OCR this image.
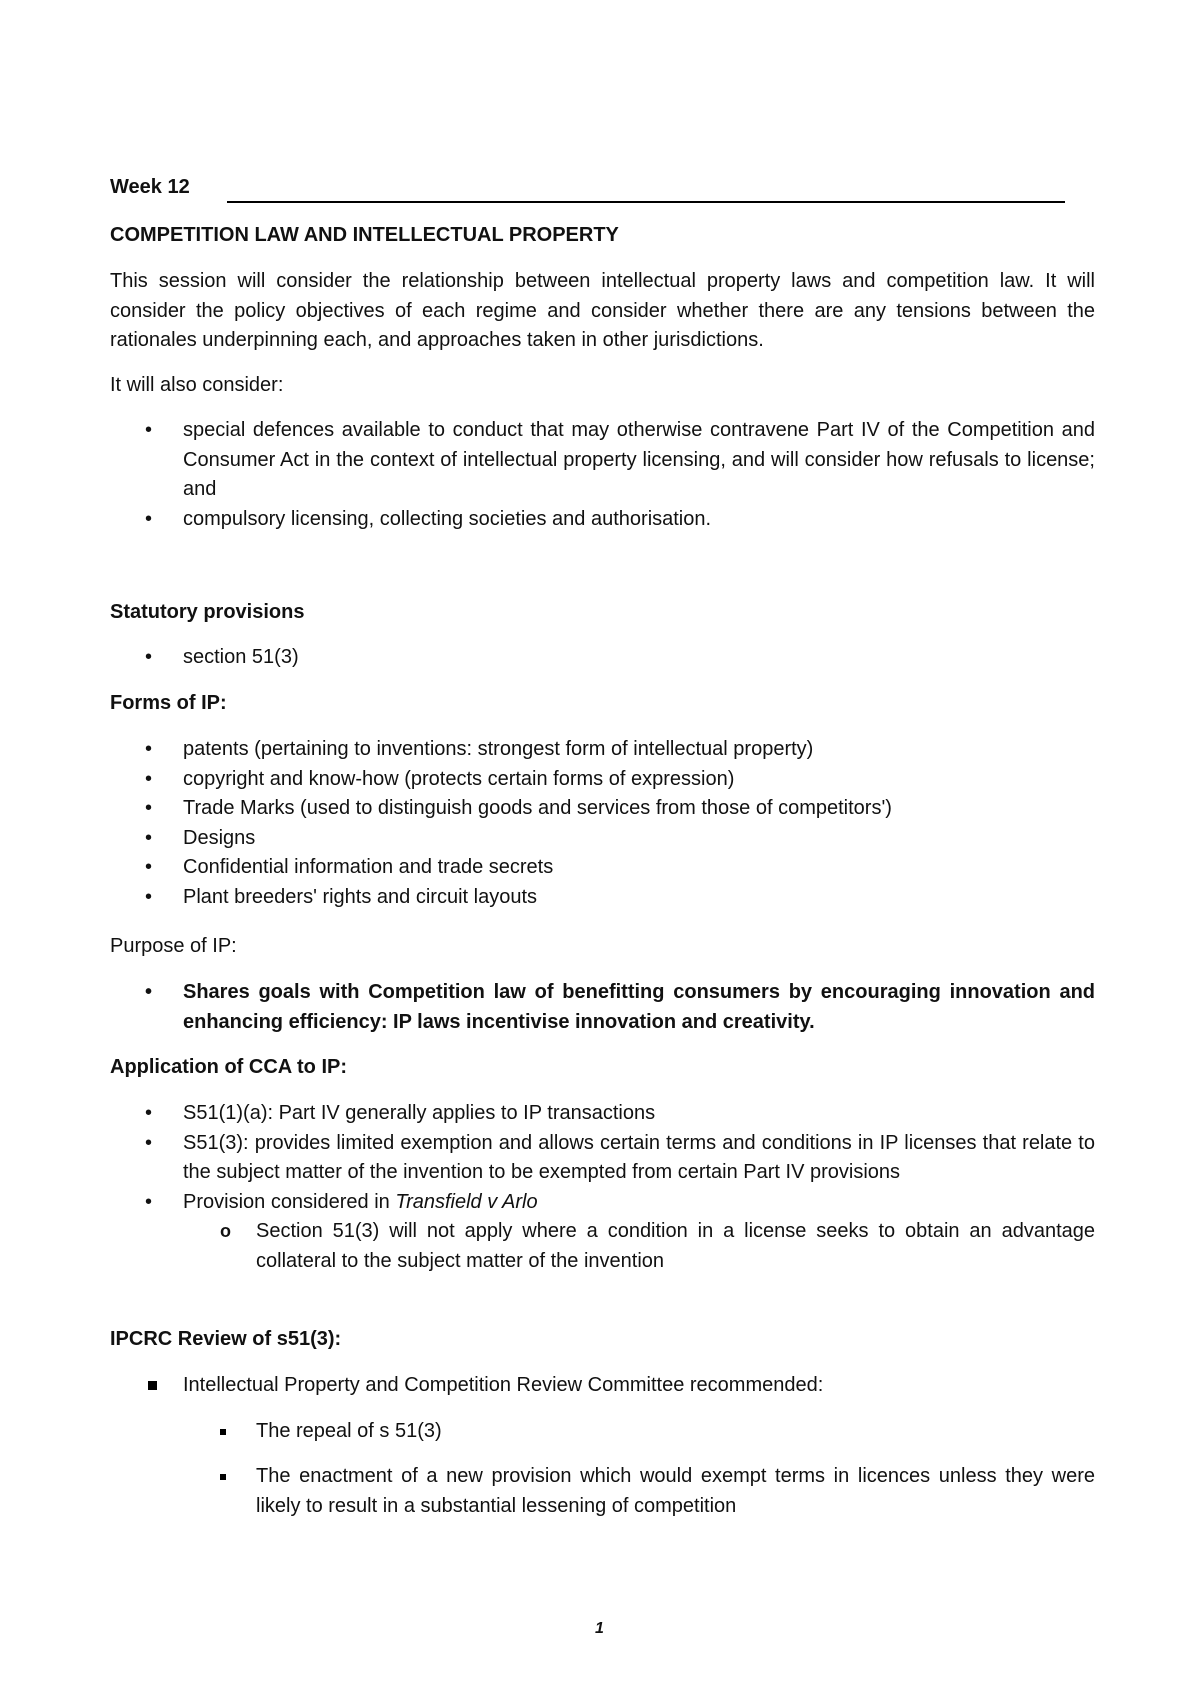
Week 12

COMPETITION LAW AND INTELLECTUAL PROPERTY

This session will consider the relationship between intellectual property laws and competition law. It will consider the policy objectives of each regime and consider whether there are any tensions between the rationales underpinning each, and approaches taken in other jurisdictions.

It will also consider:

• special defences available to conduct that may otherwise contravene Part IV of the Competition and Consumer Act in the context of intellectual property licensing, and will consider how refusals to license; and
• compulsory licensing, collecting societies and authorisation.

Statutory provisions

• section 51(3)

Forms of IP:

• patents (pertaining to inventions: strongest form of intellectual property)
• copyright and know-how (protects certain forms of expression)
• Trade Marks (used to distinguish goods and services from those of competitors')
• Designs
• Confidential information and trade secrets
• Plant breeders' rights and circuit layouts

Purpose of IP:

• Shares goals with Competition law of benefitting consumers by encouraging innovation and enhancing efficiency: IP laws incentivise innovation and creativity.

Application of CCA to IP:

• S51(1)(a): Part IV generally applies to IP transactions
• S51(3): provides limited exemption and allows certain terms and conditions in IP licenses that relate to the subject matter of the invention to be exempted from certain Part IV provisions
• Provision considered in Transfield v Arlo
o Section 51(3) will not apply where a condition in a license seeks to obtain an advantage collateral to the subject matter of the invention

IPCRC Review of s51(3):

Intellectual Property and Competition Review Committee recommended:
The repeal of s 51(3)
The enactment of a new provision which would exempt terms in licences unless they were likely to result in a substantial lessening of competition
1
